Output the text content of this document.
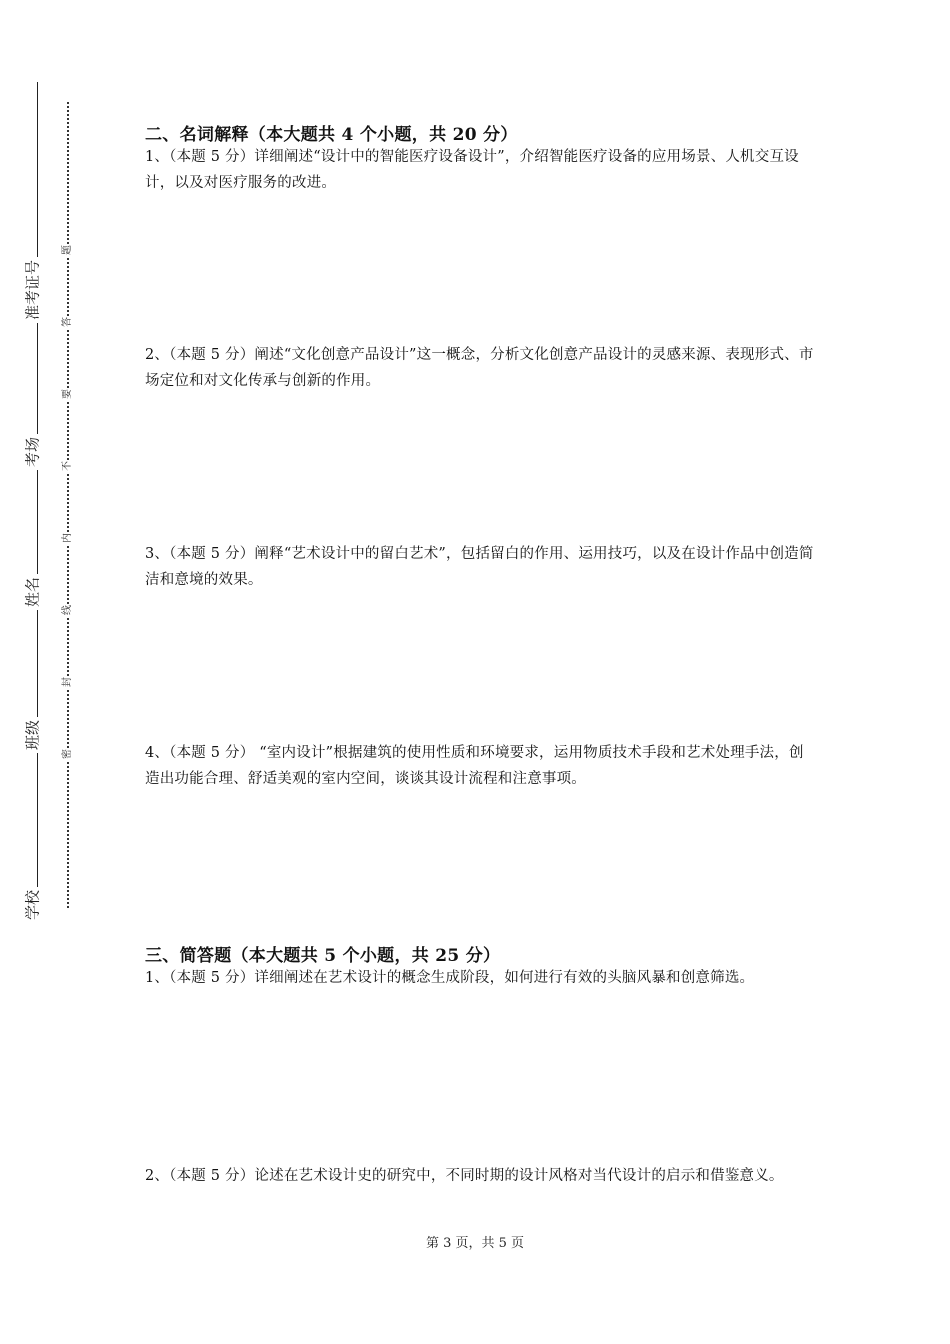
准考证号
考场
姓名
班级
学校
题
答
要
不
内
线
封
密
二、名词解释（本大题共 4 个小题，共 20 分）

1、（本题 5 分）详细阐述“设计中的智能医疗设备设计”，介绍智能医疗设备的应用场景、人机交互设计，以及对医疗服务的改进。

2、（本题 5 分）阐述“文化创意产品设计”这一概念，分析文化创意产品设计的灵感来源、表现形式、市场定位和对文化传承与创新的作用。

3、（本题 5 分）阐释“艺术设计中的留白艺术”，包括留白的作用、运用技巧，以及在设计作品中创造简洁和意境的效果。

4、（本题 5 分） “室内设计”根据建筑的使用性质和环境要求，运用物质技术手段和艺术处理手法，创造出功能合理、舒适美观的室内空间，谈谈其设计流程和注意事项。

三、简答题（本大题共 5 个小题，共 25 分）

1、（本题 5 分）详细阐述在艺术设计的概念生成阶段，如何进行有效的头脑风暴和创意筛选。

2、（本题 5 分）论述在艺术设计史的研究中，不同时期的设计风格对当代设计的启示和借鉴意义。

第 3 页，共 5 页
